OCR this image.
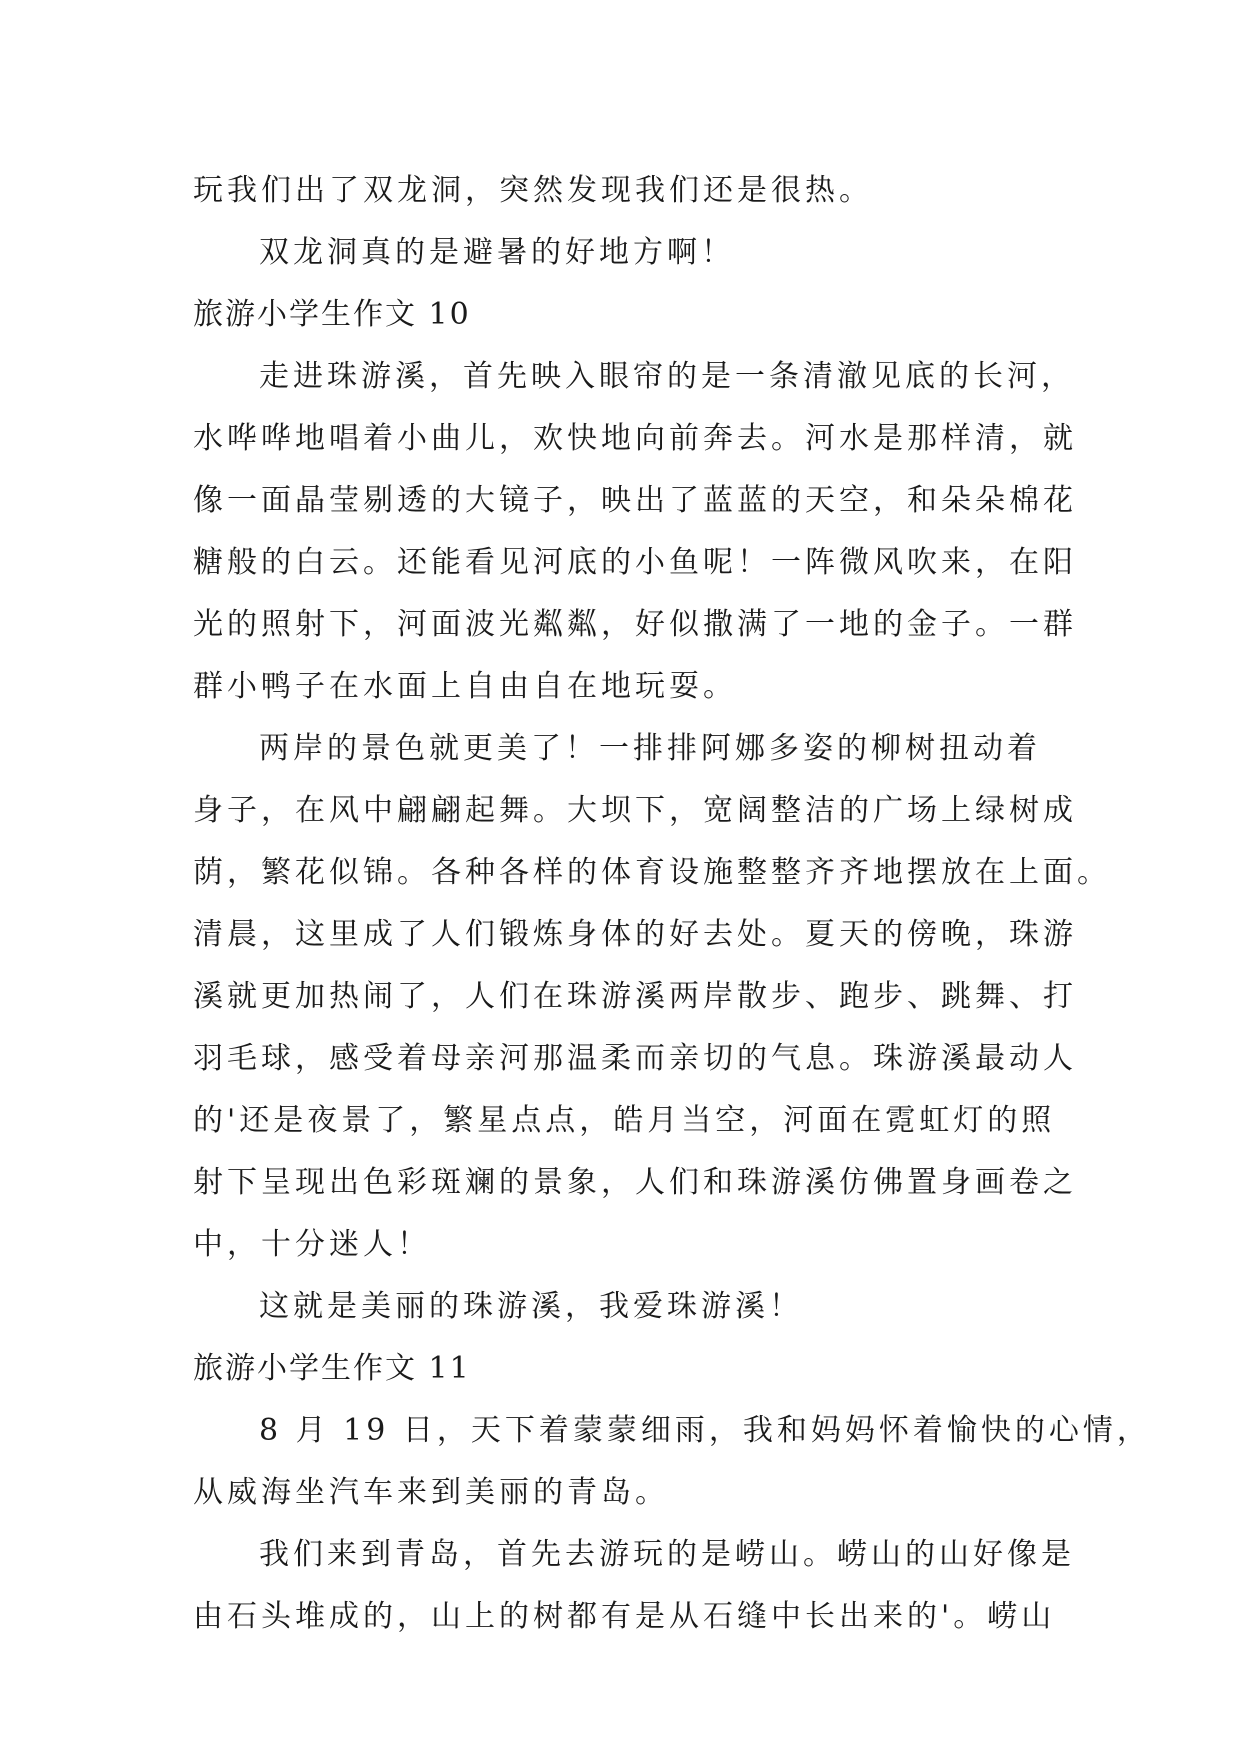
玩我们出了双龙洞，突然发现我们还是很热。
双龙洞真的是避暑的好地方啊！
旅游小学生作文 10
走进珠游溪，首先映入眼帘的是一条清澈见底的长河，
水哗哗地唱着小曲儿，欢快地向前奔去。河水是那样清，就
像一面晶莹剔透的大镜子，映出了蓝蓝的天空，和朵朵棉花
糖般的白云。还能看见河底的小鱼呢！一阵微风吹来，在阳
光的照射下，河面波光粼粼，好似撒满了一地的金子。一群
群小鸭子在水面上自由自在地玩耍。
两岸的景色就更美了！一排排阿娜多姿的柳树扭动着
身子，在风中翩翩起舞。大坝下，宽阔整洁的广场上绿树成
荫，繁花似锦。各种各样的体育设施整整齐齐地摆放在上面。
清晨，这里成了人们锻炼身体的好去处。夏天的傍晚，珠游
溪就更加热闹了，人们在珠游溪两岸散步、跑步、跳舞、打
羽毛球，感受着母亲河那温柔而亲切的气息。珠游溪最动人
的'还是夜景了，繁星点点，皓月当空，河面在霓虹灯的照
射下呈现出色彩斑斓的景象，人们和珠游溪仿佛置身画卷之
中，十分迷人！
这就是美丽的珠游溪，我爱珠游溪！
旅游小学生作文 11
8 月 19 日，天下着蒙蒙细雨，我和妈妈怀着愉快的心情，
从威海坐汽车来到美丽的青岛。
我们来到青岛，首先去游玩的是崂山。崂山的山好像是
由石头堆成的，山上的树都有是从石缝中长出来的'。崂山
